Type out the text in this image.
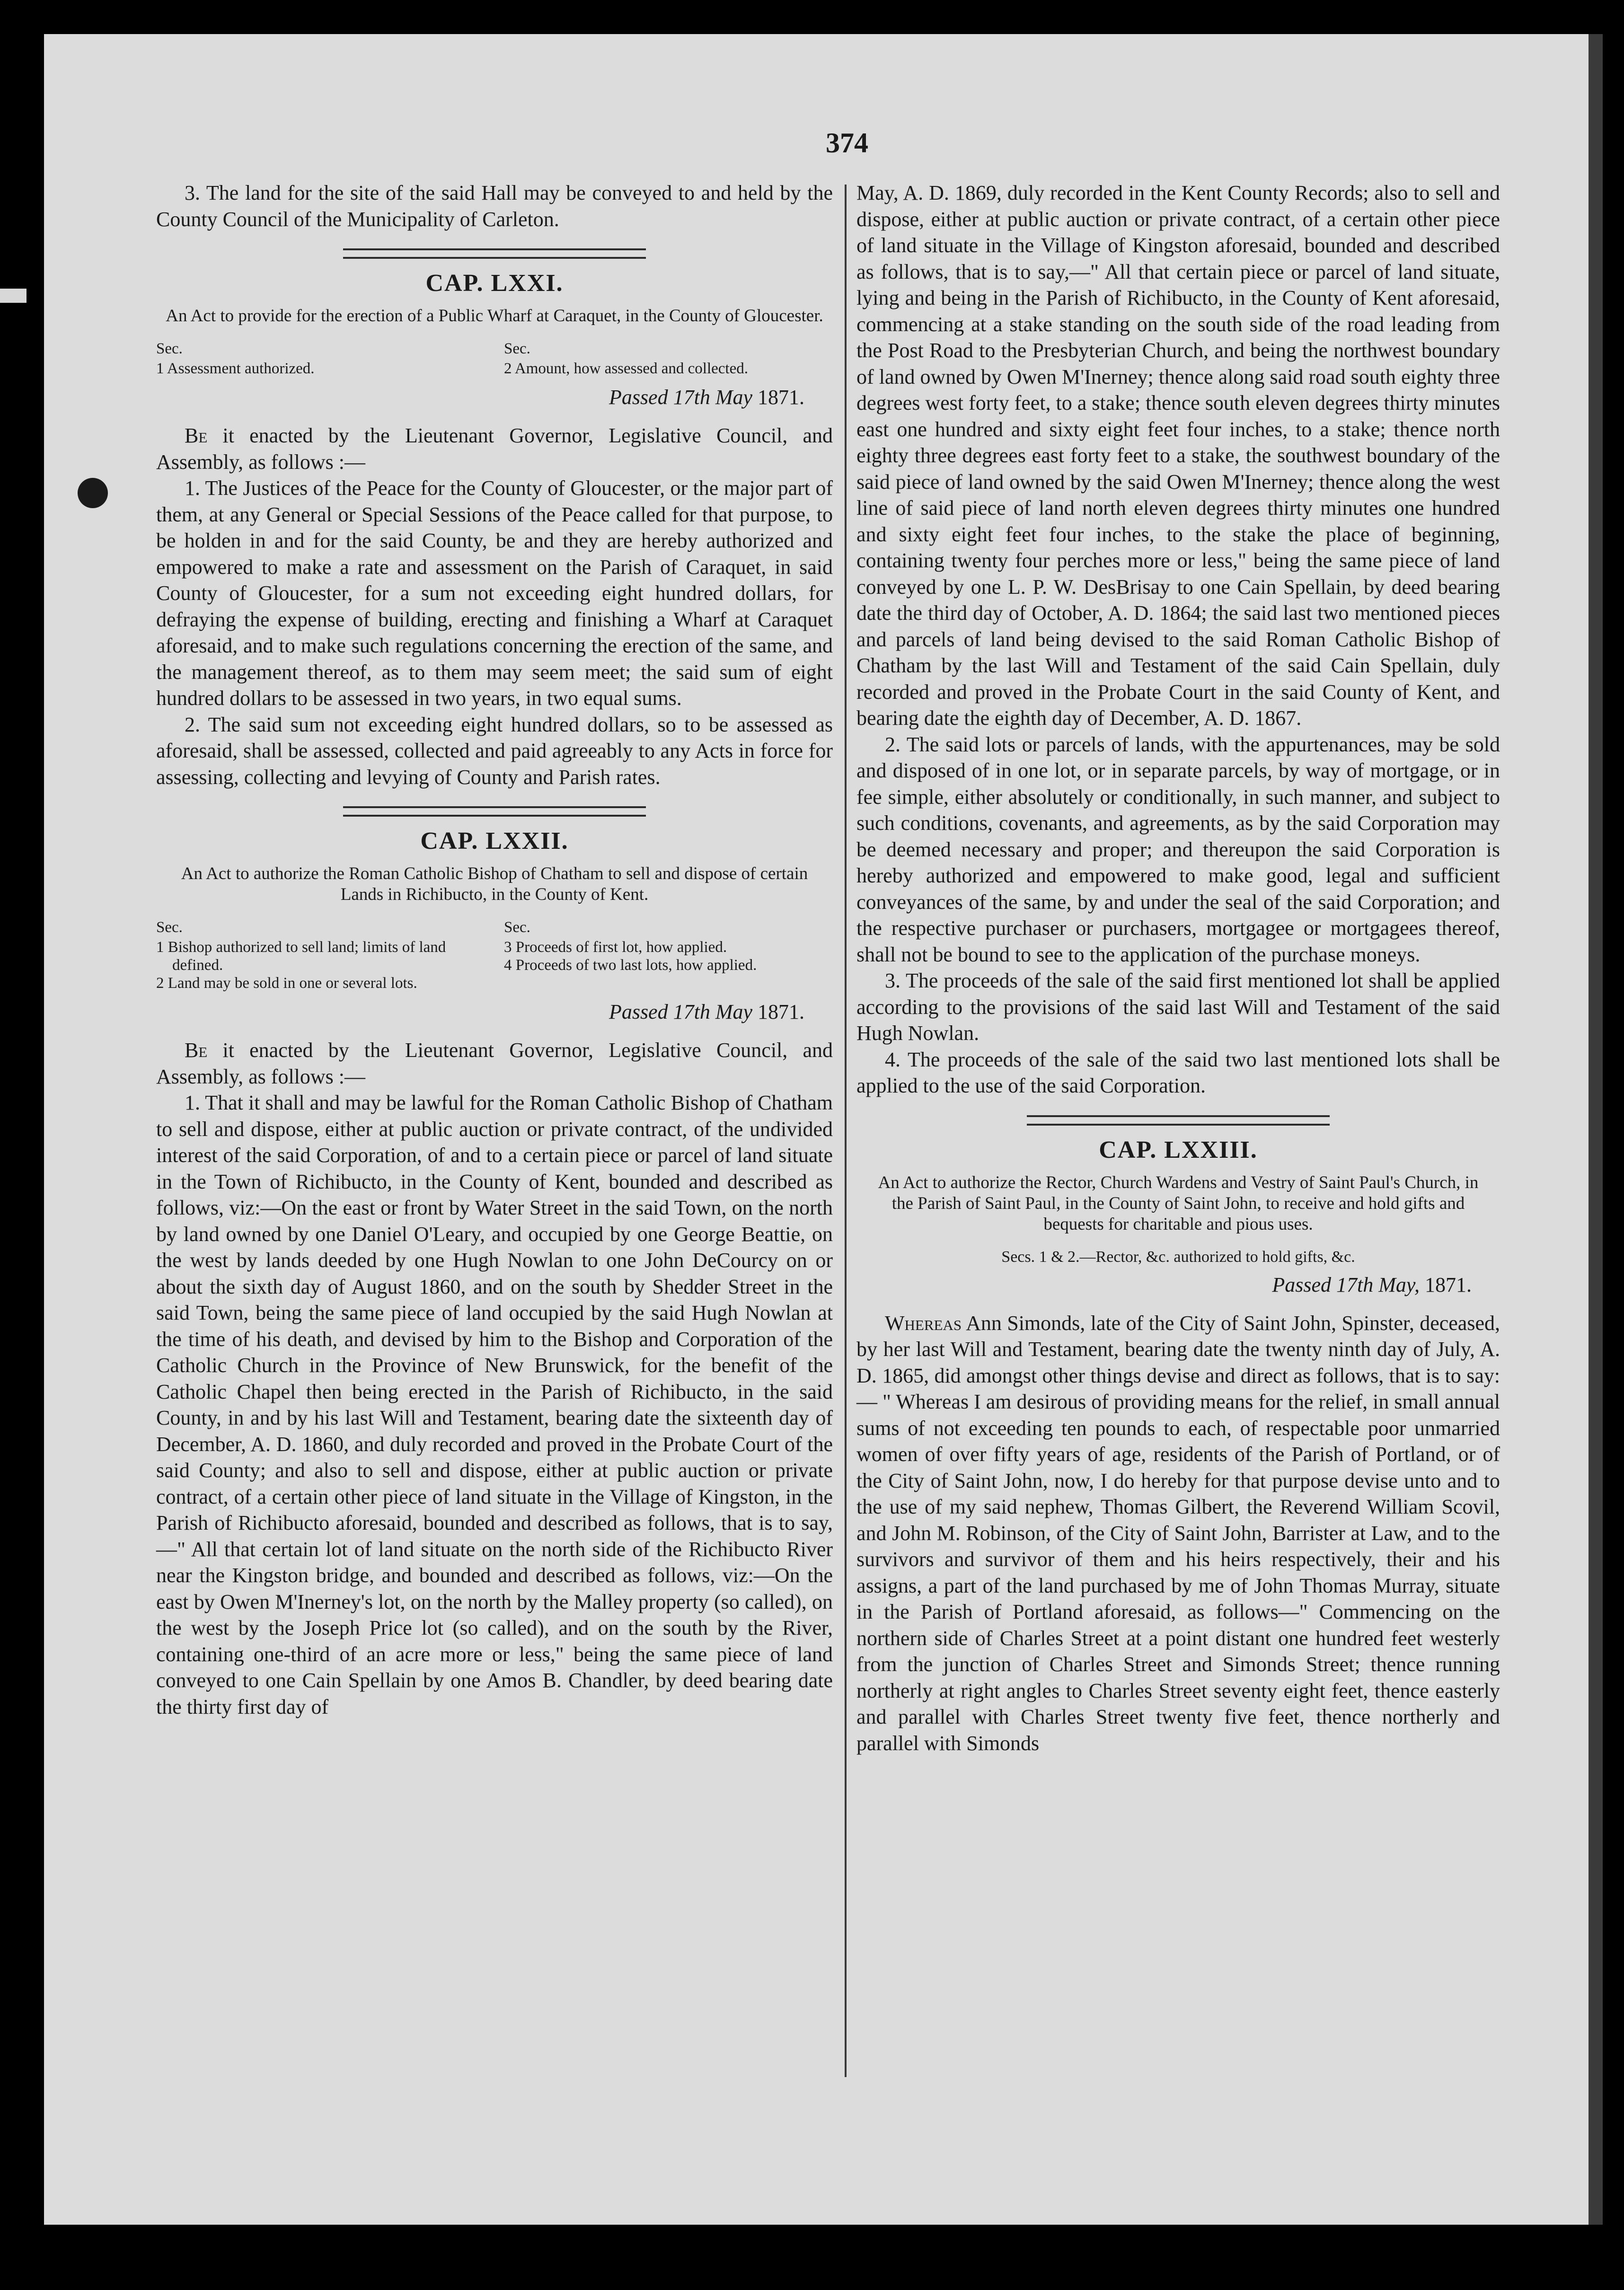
374

3. The land for the site of the said Hall may be conveyed to and held by the County Council of the Municipality of Carleton.

CAP. LXXI.
An Act to provide for the erection of a Public Wharf at Caraquet, in the County of Gloucester.
Sec.
1 Assessment authorized.
Sec.
2 Amount, how assessed and collected.
Passed 17th May 1871.

Be it enacted by the Lieutenant Governor, Legislative Council, and Assembly, as follows :—

1. The Justices of the Peace for the County of Gloucester, or the major part of them, at any General or Special Sessions of the Peace called for that purpose, to be holden in and for the said County, be and they are hereby authorized and empowered to make a rate and assessment on the Parish of Caraquet, in said County of Gloucester, for a sum not exceeding eight hundred dollars, for defraying the expense of building, erecting and finishing a Wharf at Caraquet aforesaid, and to make such regulations concerning the erection of the same, and the management thereof, as to them may seem meet; the said sum of eight hundred dollars to be assessed in two years, in two equal sums.

2. The said sum not exceeding eight hundred dollars, so to be assessed as aforesaid, shall be assessed, collected and paid agreeably to any Acts in force for assessing, collecting and levying of County and Parish rates.

CAP. LXXII.
An Act to authorize the Roman Catholic Bishop of Chatham to sell and dispose of certain Lands in Richibucto, in the County of Kent.
Sec.
1 Bishop authorized to sell land; limits of land defined.
2 Land may be sold in one or several lots.
Sec.
3 Proceeds of first lot, how applied.
4 Proceeds of two last lots, how applied.
Passed 17th May 1871.

Be it enacted by the Lieutenant Governor, Legislative Council, and Assembly, as follows :—

1. That it shall and may be lawful for the Roman Catholic Bishop of Chatham to sell and dispose, either at public auction or private contract, of the undivided interest of the said Corporation, of and to a certain piece or parcel of land situate in the Town of Richibucto, in the County of Kent, bounded and described as follows, viz:—On the east or front by Water Street in the said Town, on the north by land owned by one Daniel O'Leary, and occupied by one George Beattie, on the west by lands deeded by one Hugh Nowlan to one John DeCourcy on or about the sixth day of August 1860, and on the south by Shedder Street in the said Town, being the same piece of land occupied by the said Hugh Nowlan at the time of his death, and devised by him to the Bishop and Corporation of the Catholic Church in the Province of New Brunswick, for the benefit of the Catholic Chapel then being erected in the Parish of Richibucto, in the said County, in and by his last Will and Testament, bearing date the sixteenth day of December, A. D. 1860, and duly recorded and proved in the Probate Court of the said County; and also to sell and dispose, either at public auction or private contract, of a certain other piece of land situate in the Village of Kingston, in the Parish of Richibucto aforesaid, bounded and described as follows, that is to say,—" All that certain lot of land situate on the north side of the Richibucto River near the Kingston bridge, and bounded and described as follows, viz:—On the east by Owen M'Inerney's lot, on the north by the Malley property (so called), on the west by the Joseph Price lot (so called), and on the south by the River, containing one-third of an acre more or less," being the same piece of land conveyed to one Cain Spellain by one Amos B. Chandler, by deed bearing date the thirty first day of

May, A. D. 1869, duly recorded in the Kent County Records; also to sell and dispose, either at public auction or private contract, of a certain other piece of land situate in the Village of Kingston aforesaid, bounded and described as follows, that is to say,—" All that certain piece or parcel of land situate, lying and being in the Parish of Richibucto, in the County of Kent aforesaid, commencing at a stake standing on the south side of the road leading from the Post Road to the Presbyterian Church, and being the northwest boundary of land owned by Owen M'Inerney; thence along said road south eighty three degrees west forty feet, to a stake; thence south eleven degrees thirty minutes east one hundred and sixty eight feet four inches, to a stake; thence north eighty three degrees east forty feet to a stake, the southwest boundary of the said piece of land owned by the said Owen M'Inerney; thence along the west line of said piece of land north eleven degrees thirty minutes one hundred and sixty eight feet four inches, to the stake the place of beginning, containing twenty four perches more or less," being the same piece of land conveyed by one L. P. W. DesBrisay to one Cain Spellain, by deed bearing date the third day of October, A. D. 1864; the said last two mentioned pieces and parcels of land being devised to the said Roman Catholic Bishop of Chatham by the last Will and Testament of the said Cain Spellain, duly recorded and proved in the Probate Court in the said County of Kent, and bearing date the eighth day of December, A. D. 1867.

2. The said lots or parcels of lands, with the appurtenances, may be sold and disposed of in one lot, or in separate parcels, by way of mortgage, or in fee simple, either absolutely or conditionally, in such manner, and subject to such conditions, covenants, and agreements, as by the said Corporation may be deemed necessary and proper; and thereupon the said Corporation is hereby authorized and empowered to make good, legal and sufficient conveyances of the same, by and under the seal of the said Corporation; and the respective purchaser or purchasers, mortgagee or mortgagees thereof, shall not be bound to see to the application of the purchase moneys.

3. The proceeds of the sale of the said first mentioned lot shall be applied according to the provisions of the said last Will and Testament of the said Hugh Nowlan.

4. The proceeds of the sale of the said two last mentioned lots shall be applied to the use of the said Corporation.

CAP. LXXIII.
An Act to authorize the Rector, Church Wardens and Vestry of Saint Paul's Church, in the Parish of Saint Paul, in the County of Saint John, to receive and hold gifts and bequests for charitable and pious uses.
Secs. 1 & 2.—Rector, &c. authorized to hold gifts, &c.
Passed 17th May, 1871.

Whereas Ann Simonds, late of the City of Saint John, Spinster, deceased, by her last Will and Testament, bearing date the twenty ninth day of July, A. D. 1865, did amongst other things devise and direct as follows, that is to say:— " Whereas I am desirous of providing means for the relief, in small annual sums of not exceeding ten pounds to each, of respectable poor unmarried women of over fifty years of age, residents of the Parish of Portland, or of the City of Saint John, now, I do hereby for that purpose devise unto and to the use of my said nephew, Thomas Gilbert, the Reverend William Scovil, and John M. Robinson, of the City of Saint John, Barrister at Law, and to the survivors and survivor of them and his heirs respectively, their and his assigns, a part of the land purchased by me of John Thomas Murray, situate in the Parish of Portland aforesaid, as follows—" Commencing on the northern side of Charles Street at a point distant one hundred feet westerly from the junction of Charles Street and Simonds Street; thence running northerly at right angles to Charles Street seventy eight feet, thence easterly and parallel with Charles Street twenty five feet, thence northerly and parallel with Simonds
